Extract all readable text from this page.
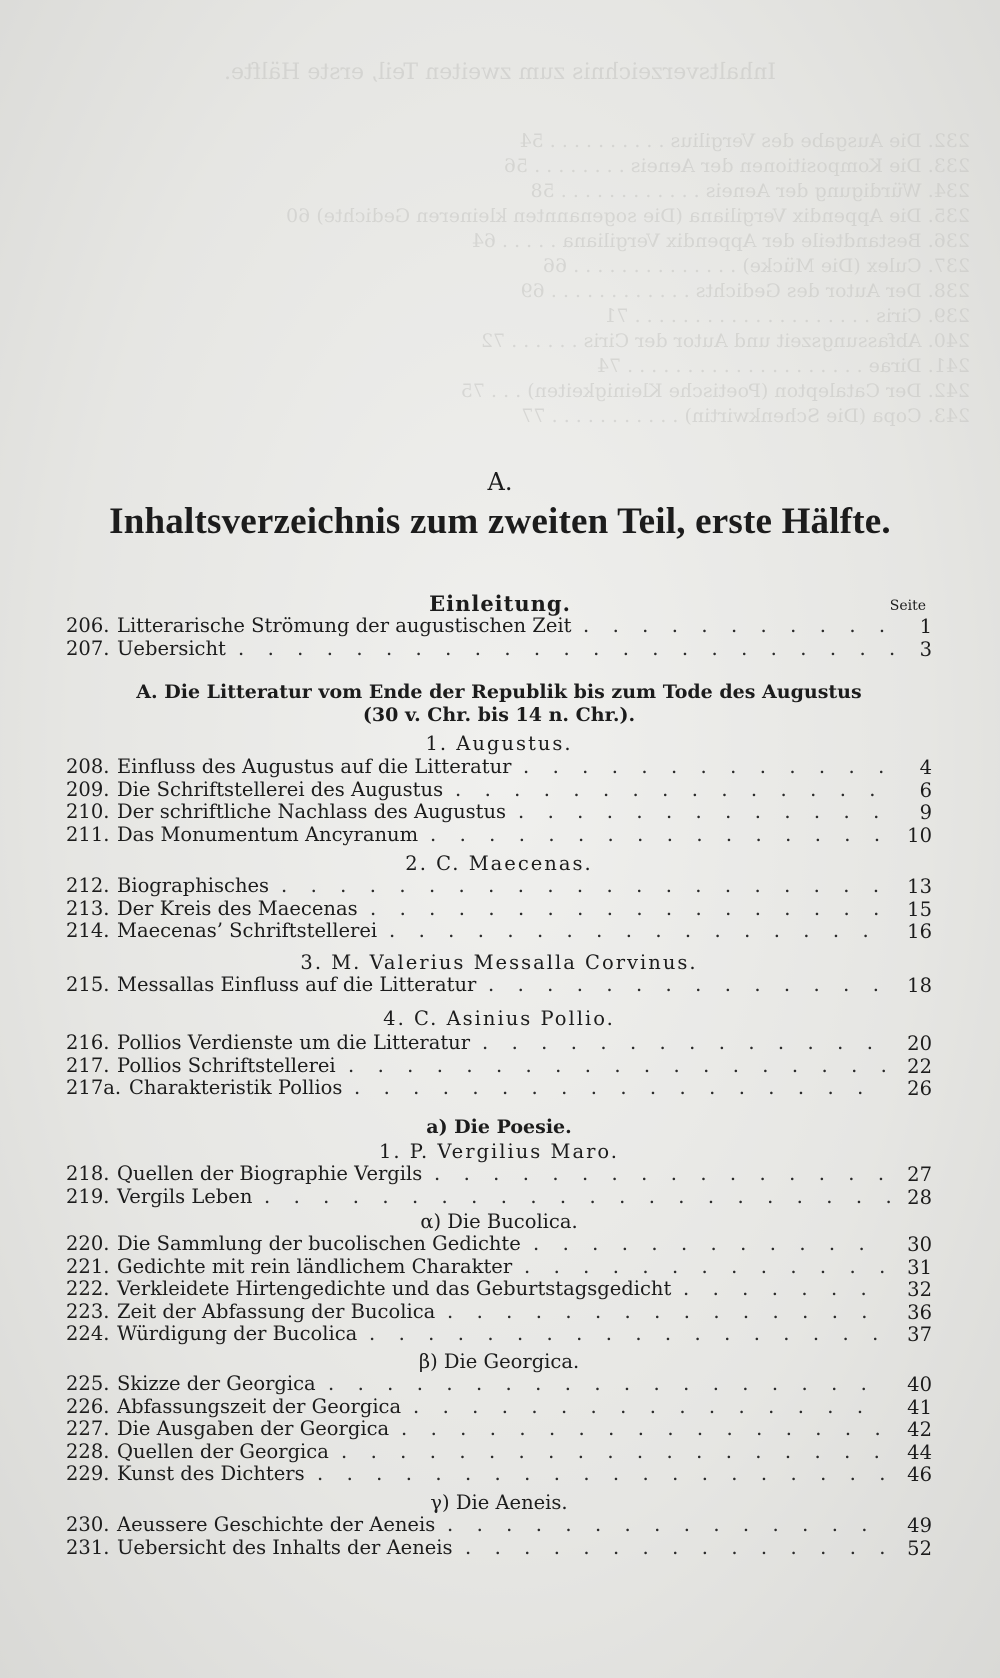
Inhaltsverzeichnis zum zweiten Teil, erste Hälfte.
232. Die Ausgabe des Vergilius . . . . . . . . . . 54
233. Die Kompositionen der Aeneis . . . . . . . . 56
234. Würdigung der Aeneis . . . . . . . . . . . . 58
235. Die Appendix Vergiliana (Die sogenannten kleineren Gedichte) 60
236. Bestandteile der Appendix Vergiliana . . . . . 64
237. Culex (Die Mücke) . . . . . . . . . . . . . . 66
238. Der Autor des Gedichts . . . . . . . . . . . . 69
239. Ciris . . . . . . . . . . . . . . . . . . . . 71
240. Abfassungszeit und Autor der Ciris . . . . . . 72
241. Dirae . . . . . . . . . . . . . . . . . . . . 74
242. Der Catalepton (Poetische Kleinigkeiten) . . . 75
243. Copa (Die Schenkwirtin) . . . . . . . . . . . 77
A.
Inhaltsverzeichnis zum zweiten Teil, erste Hälfte.
Einleitung.	Seite
206. Litterarische Strömung der augustischen Zeit .  .  .  .  .  .  .  .  .  .  . 1
207. Uebersicht .  .  .  .  .  .  .  .  .  .  .  .  .  .  .  .  .  .  .  .  .  .  . 3
A. Die Litteratur vom Ende der Republik bis zum Tode des Augustus
(30 v. Chr. bis 14 n. Chr.).
1. Augustus.
208. Einfluss des Augustus auf die Litteratur .  .  .  .  .  .  .  .  .  .  .  .  . 4
209. Die Schriftstellerei des Augustus .  .  .  .  .  .  .  .  .  .  .  .  .  .  . 6
210. Der schriftliche Nachlass des Augustus .  .  .  .  .  .  .  .  .  .  .  .  . 9
211. Das Monumentum Ancyranum .  .  .  .  .  .  .  .  .  .  .  .  .  .  .  . 10
2. C. Maecenas.
212. Biographisches .  .  .  .  .  .  .  .  .  .  .  .  .  .  .  .  .  .  .  .  . 13
213. Der Kreis des Maecenas .  .  .  .  .  .  .  .  .  .  .  .  .  .  .  .  .  . 15
214. Maecenas’ Schriftstellerei .  .  .  .  .  .  .  .  .  .  .  .  .  .  .  .  . 16
3. M. Valerius Messalla Corvinus.
215. Messallas Einfluss auf die Litteratur .  .  .  .  .  .  .  .  .  .  .  .  .  . 18
4. C. Asinius Pollio.
216. Pollios Verdienste um die Litteratur .  .  .  .  .  .  .  .  .  .  .  .  .  . 20
217. Pollios Schriftstellerei .  .  .  .  .  .  .  .  .  .  .  .  .  .  .  .  .  .  . 22
217a. Charakteristik Pollios .  .  .  .  .  .  .  .  .  .  .  .  .  .  .  .  .  . 26
a) Die Poesie.
1. P. Vergilius Maro.
218. Quellen der Biographie Vergils .  .  .  .  .  .  .  .  .  .  .  .  .  .  .  . 27
219. Vergils Leben .  .  .  .  .  .  .  .  .  .  .  .  .  .  .  .  .  .  .  .  .  . 28
α) Die Bucolica.
220. Die Sammlung der bucolischen Gedichte .  .  .  .  .  .  .  .  .  .  .  . 30
221. Gedichte mit rein ländlichem Charakter .  .  .  .  .  .  .  .  .  .  .  .  . 31
222. Verkleidete Hirtengedichte und das Geburtstagsgedicht .  .  .  .  .  .  . 32
223. Zeit der Abfassung der Bucolica .  .  .  .  .  .  .  .  .  .  .  .  .  .  . 36
224. Würdigung der Bucolica .  .  .  .  .  .  .  .  .  .  .  .  .  .  .  .  .  . 37
β) Die Georgica.
225. Skizze der Georgica .  .  .  .  .  .  .  .  .  .  .  .  .  .  .  .  .  .  . 40
226. Abfassungszeit der Georgica .  .  .  .  .  .  .  .  .  .  .  .  .  .  .  . 41
227. Die Ausgaben der Georgica .  .  .  .  .  .  .  .  .  .  .  .  .  .  .  .  . 42
228. Quellen der Georgica .  .  .  .  .  .  .  .  .  .  .  .  .  .  .  .  .  .  . 44
229. Kunst des Dichters .  .  .  .  .  .  .  .  .  .  .  .  .  .  .  .  .  .  .  . 46
γ) Die Aeneis.
230. Aeussere Geschichte der Aeneis .  .  .  .  .  .  .  .  .  .  .  .  .  .  . 49
231. Uebersicht des Inhalts der Aeneis .  .  .  .  .  .  .  .  .  .  .  .  .  .  . 52
